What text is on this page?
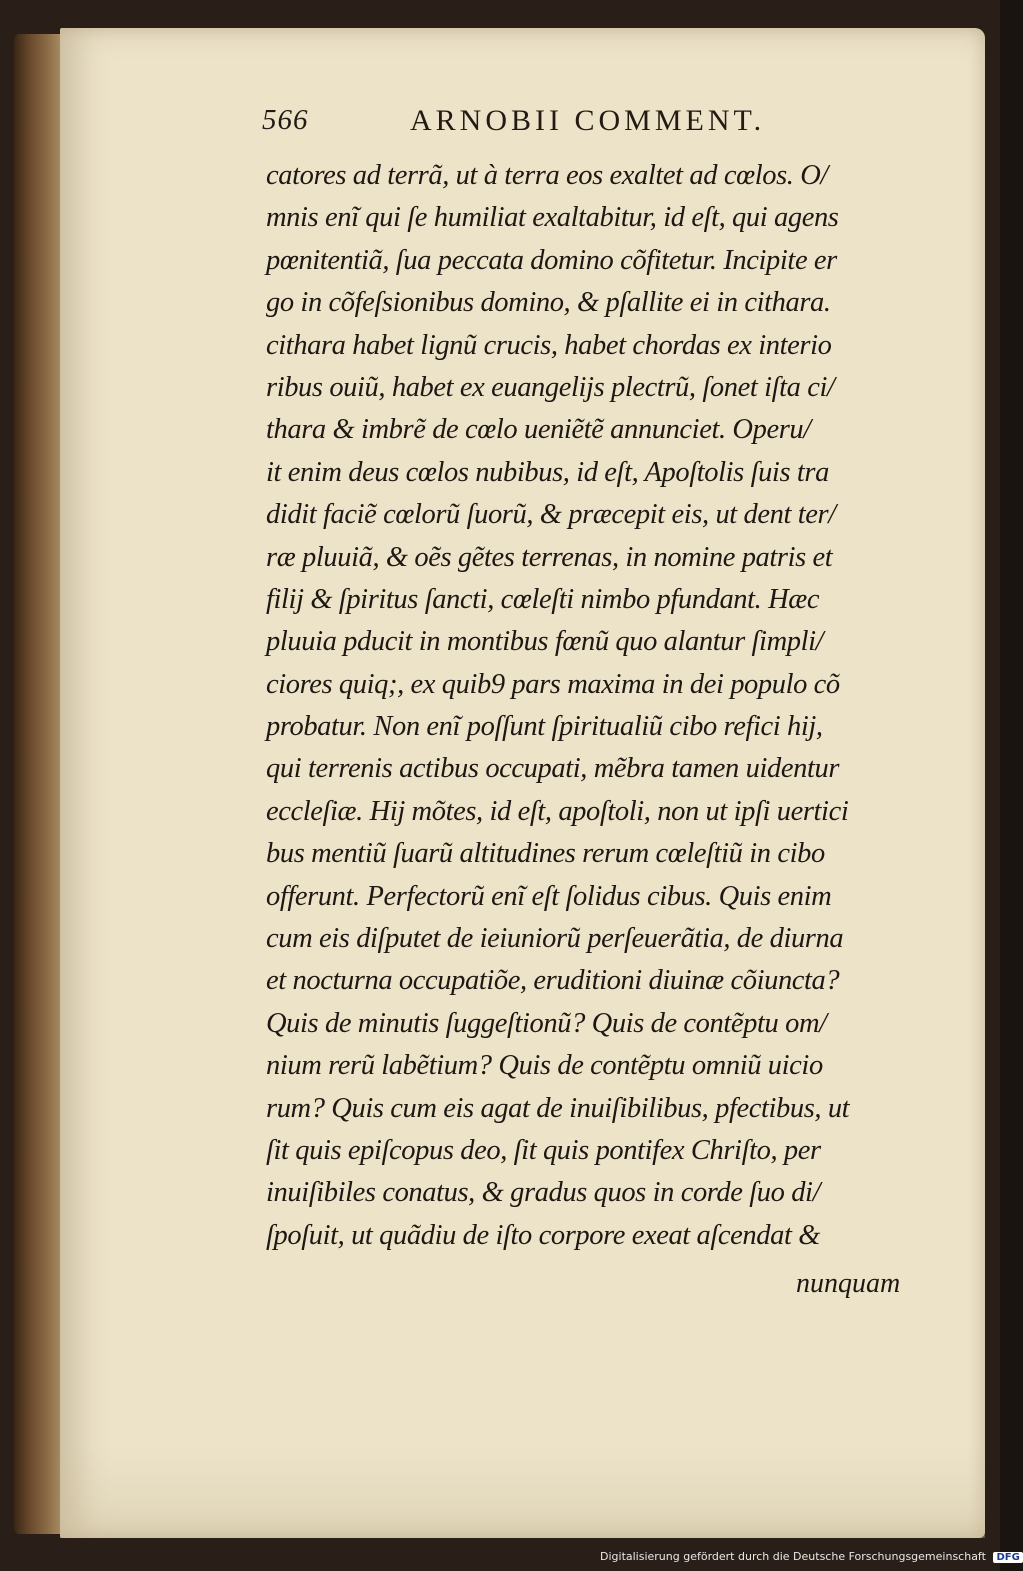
566	ARNOBII COMMENT.
catores ad terrã, ut à terra eos exaltet ad cœlos. O/
mnis enĩ qui ſe humiliat exaltabitur, id eſt, qui agens
pœnitentiã, ſua peccata domino cõfitetur. Incipite er
go in cõfeſsionibus domino, & pſallite ei in cithara.
cithara habet lignũ crucis, habet chordas ex interio
ribus ouiũ, habet ex euangelijs plectrũ, ſonet iſta ci/
thara & imbrẽ de cœlo ueniẽtẽ annunciet. Operu/
it enim deus cœlos nubibus, id eſt, Apoſtolis ſuis tra
didit faciẽ cœlorũ ſuorũ, & præcepit eis, ut dent ter/
ræ pluuiã, & oẽs gẽtes terrenas, in nomine patris et
filij & ſpiritus ſancti, cœleſti nimbo pfundant. Hæc
pluuia pducit in montibus fœnũ quo alantur ſimpli/
ciores quiq;, ex quib9 pars maxima in dei populo cõ
probatur. Non enĩ poſſunt ſpiritualiũ cibo refici hij,
qui terrenis actibus occupati, mẽbra tamen uidentur
eccleſiæ. Hij mõtes, id eſt, apoſtoli, non ut ipſi uertici
bus mentiũ ſuarũ altitudines rerum cœleſtiũ in cibo
offerunt. Perfectorũ enĩ eſt ſolidus cibus. Quis enim
cum eis diſputet de ieiuniorũ perſeuerãtia, de diurna
et nocturna occupatiõe, eruditioni diuinæ cõiuncta?
Quis de minutis ſuggeſtionũ? Quis de contẽptu om/
nium rerũ labẽtium? Quis de contẽptu omniũ uicio
rum? Quis cum eis agat de inuiſibilibus, pfectibus, ut
ſit quis epiſcopus deo, ſit quis pontifex Chriſto, per
inuiſibiles conatus, & gradus quos in corde ſuo di/
ſpoſuit, ut quãdiu de iſto corpore exeat aſcendat &
nunquam
Digitalisierung gefördert durch die Deutsche Forschungsgemeinschaft DFG
